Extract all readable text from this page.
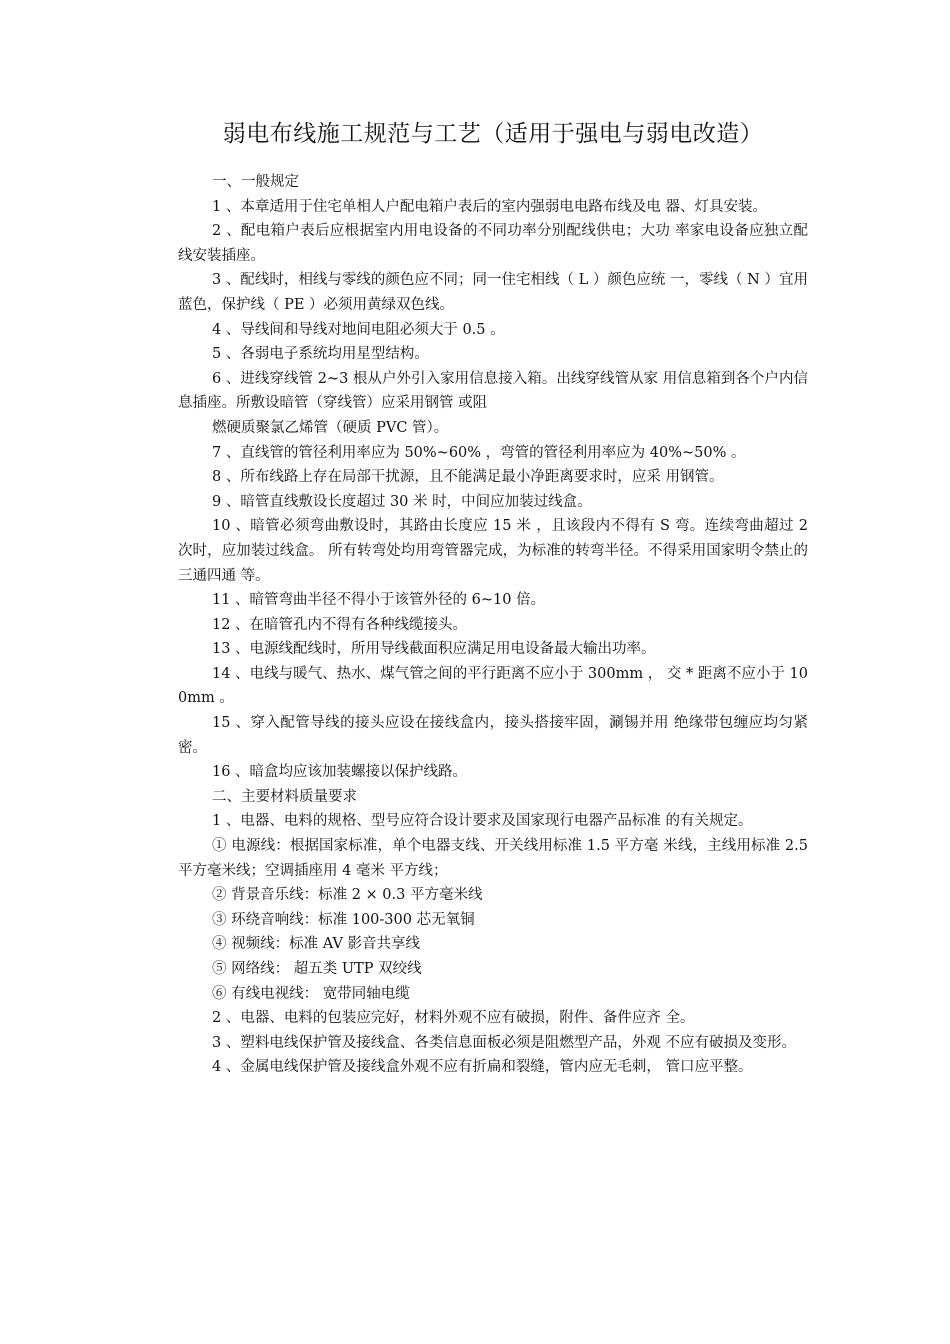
弱电布线施工规范与工艺（适用于强电与弱电改造）

一、一般规定

1 、本章适用于住宅单相人户配电箱户表后的室内强弱电电路布线及电 器、灯具安装。

2 、配电箱户表后应根据室内用电设备的不同功率分别配线供电；大功 率家电设备应独立配线安装插座。

3 、配线时，相线与零线的颜色应不同；同一住宅相线（ L ）颜色应统 一，零线（ N ）宜用蓝色，保护线（ PE ）必须用黄绿双色线。

4 、导线间和导线对地间电阻必须大于 0.5 。

5 、各弱电子系统均用星型结构。

6 、进线穿线管 2~3 根从户外引入家用信息接入箱。出线穿线管从家 用信息箱到各个户内信息插座。所敷设暗管（穿线管）应采用钢管 或阻

燃硬质聚氯乙烯管（硬质 PVC 管）。

7 、直线管的管径利用率应为 50%~60% ，弯管的管径利用率应为 40%~50% 。

8 、所布线路上存在局部干扰源，且不能满足最小净距离要求时，应采 用钢管。

9 、暗管直线敷设长度超过 30 米 时，中间应加装过线盒。

10 、暗管必须弯曲敷设时，其路由长度应 15 米 ，且该段内不得有 S 弯。连续弯曲超过 2 次时，应加装过线盒。 所有转弯处均用弯管器完成，为标准的转弯半径。不得采用国家明令禁止的三通四通 等。

11 、暗管弯曲半径不得小于该管外径的 6~10 倍。

12 、在暗管孔内不得有各种线缆接头。

13 、电源线配线时，所用导线截面积应满足用电设备最大输出功率。

14 、电线与暖气、热水、煤气管之间的平行距离不应小于 300mm ， 交 * 距离不应小于 100mm 。

15 、穿入配管导线的接头应设在接线盒内，接头搭接牢固，涮锡并用 绝缘带包缠应均匀紧密。

16 、暗盒均应该加装螺接以保护线路。

二、主要材料质量要求

1 、电器、电料的规格、型号应符合设计要求及国家现行电器产品标准 的有关规定。

① 电源线：根据国家标准，单个电器支线、开关线用标准 1.5 平方毫 米线，主线用标准 2.5 平方毫米线；空调插座用 4 毫米 平方线；

② 背景音乐线：标准 2 × 0.3 平方毫米线

③ 环绕音响线：标准 100-300 芯无氧铜

④ 视频线：标准 AV 影音共享线

⑤ 网络线： 超五类 UTP 双绞线

⑥ 有线电视线： 宽带同轴电缆

2 、电器、电料的包装应完好，材料外观不应有破损，附件、备件应齐 全。

3 、塑料电线保护管及接线盒、各类信息面板必须是阻燃型产品，外观 不应有破损及变形。

4 、金属电线保护管及接线盒外观不应有折扁和裂缝，管内应无毛刺， 管口应平整。
